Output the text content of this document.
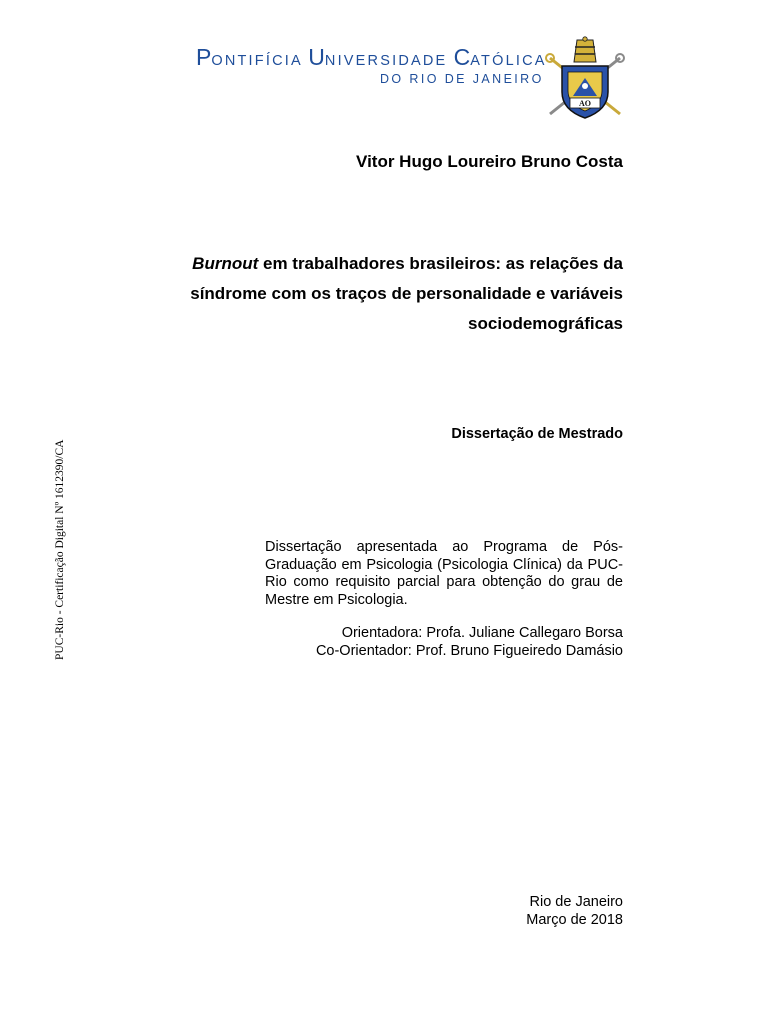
PONTIFÍCIA UNIVERSIDADE CATÓLICA
DO RIO DE JANEIRO
AO
Vitor Hugo Loureiro Bruno Costa
Burnout em trabalhadores brasileiros: as relações da síndrome com os traços de personalidade e variáveis sociodemográficas
Dissertação de Mestrado
PUC-Rio - Certificação Digital Nº 1612390/CA	Dissertação apresentada ao Programa de Pós-Graduação em Psicologia (Psicologia Clínica) da PUC-Rio como requisito parcial para obtenção do grau de Mestre em Psicologia.
Orientadora: Profa. Juliane Callegaro Borsa
Co-Orientador: Prof. Bruno Figueiredo Damásio
Rio de Janeiro
Março de 2018
